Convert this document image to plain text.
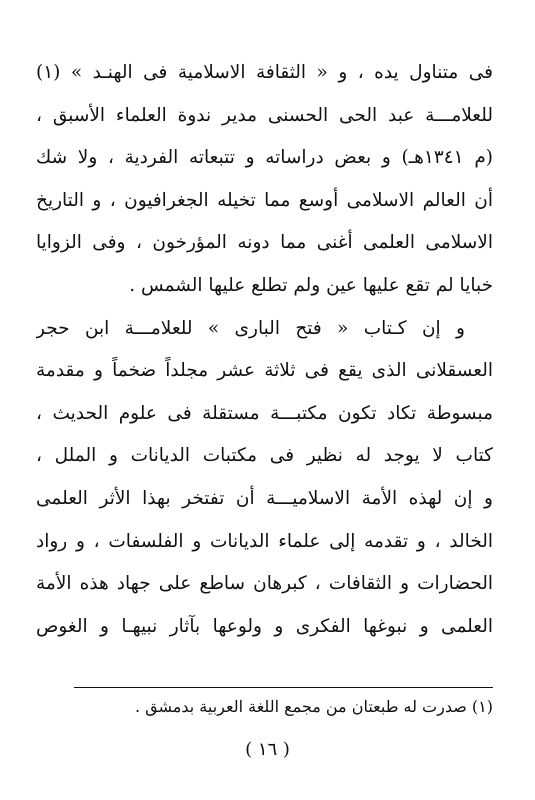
فى متناول يده ، و « الثقافة الاسلامية فى الهنـد » (١)
للعلامـــة عبد الحى الحسنى مدير ندوة العلماء الأسبق ،
(م ١٣٤١هـ) و بعض دراساته و تتبعاته الفردية ، ولا شك
أن العالم الاسلامى أوسع مما تخيله الجغرافيون ، و التاريخ
الاسلامى العلمى أغنى مما دونه المؤرخون ، وفى الزوايا
خبايا لم تقع عليها عين ولم تطلع عليها الشمس .
و إن كـتاب « فتح البارى » للعلامـــة ابن حجر
العسقلانى الذى يقع فى ثلاثة عشر مجلداً ضخماً و مقدمة
مبسوطة تكاد تكون مكتبـــة مستقلة فى علوم الحديث ،
كتاب لا يوجد له نظير فى مكتبات الديانات و الملل ،
و إن لهذه الأمة الاسلاميـــة أن تفتخر بهذا الأثر العلمى
الخالد ، و تقدمه إلى علماء الديانات و الفلسفات ، و رواد
الحضارات و الثقافات ، كبرهان ساطع على جهاد هذه الأمة
العلمى و نبوغها الفكرى و ولوعها بآثار نبيهـا و الغوص
(١) صدرت له طبعتان من مجمع اللغة العربية بدمشق .
( ١٦ )
